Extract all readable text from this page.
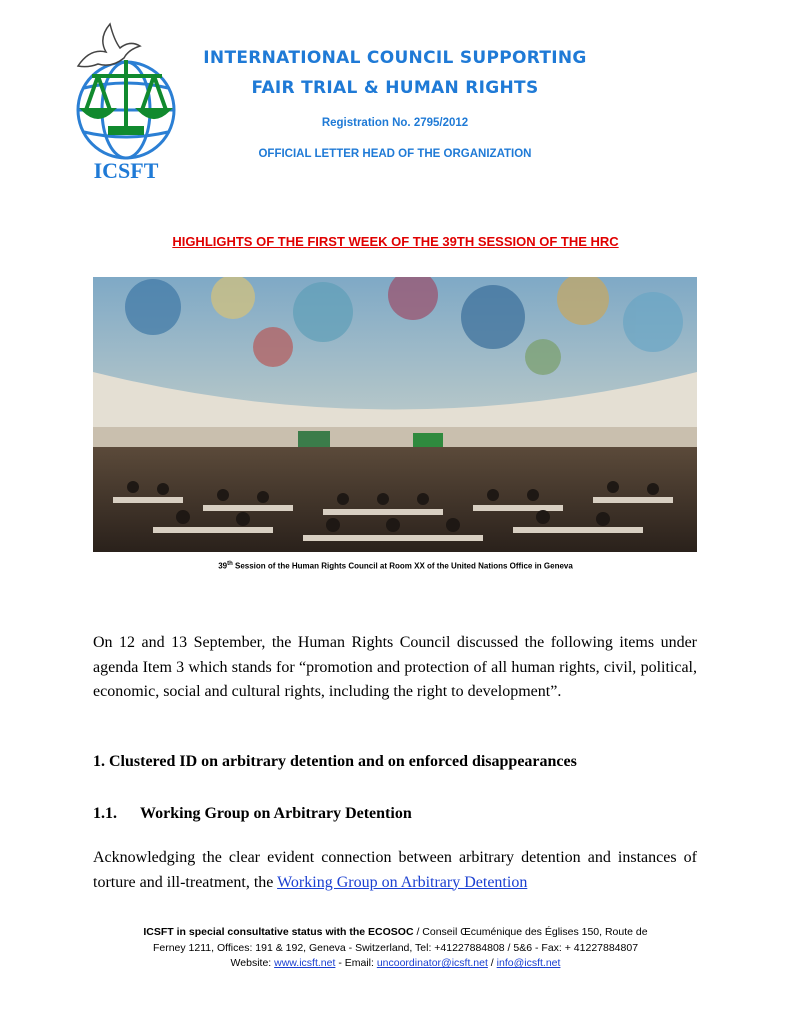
ICSFT
INTERNATIONAL COUNCIL SUPPORTING
FAIR TRIAL & HUMAN RIGHTS
Registration No. 2795/2012
OFFICIAL LETTER HEAD OF THE ORGANIZATION
HIGHLIGHTS OF THE FIRST WEEK OF THE 39TH SESSION OF THE HRC
39th Session of the Human Rights Council at Room XX of the United Nations Office in Geneva
On 12 and 13 September, the Human Rights Council discussed the following items under agenda Item 3 which stands for “promotion and protection of all human rights, civil, political, economic, social and cultural rights, including the right to development”.
1. Clustered ID on arbitrary detention and on enforced disappearances
1.1. Working Group on Arbitrary Detention
Acknowledging the clear evident connection between arbitrary detention and instances of torture and ill-treatment, the Working Group on Arbitrary Detention
ICSFT in special consultative status with the ECOSOC / Conseil Œcuménique des Églises 150, Route de
Ferney 1211, Offices: 191 & 192, Geneva - Switzerland, Tel: +41227884808 / 5&6 - Fax: + 41227884807
Website: www.icsft.net - Email: uncoordinator@icsft.net / info@icsft.net
